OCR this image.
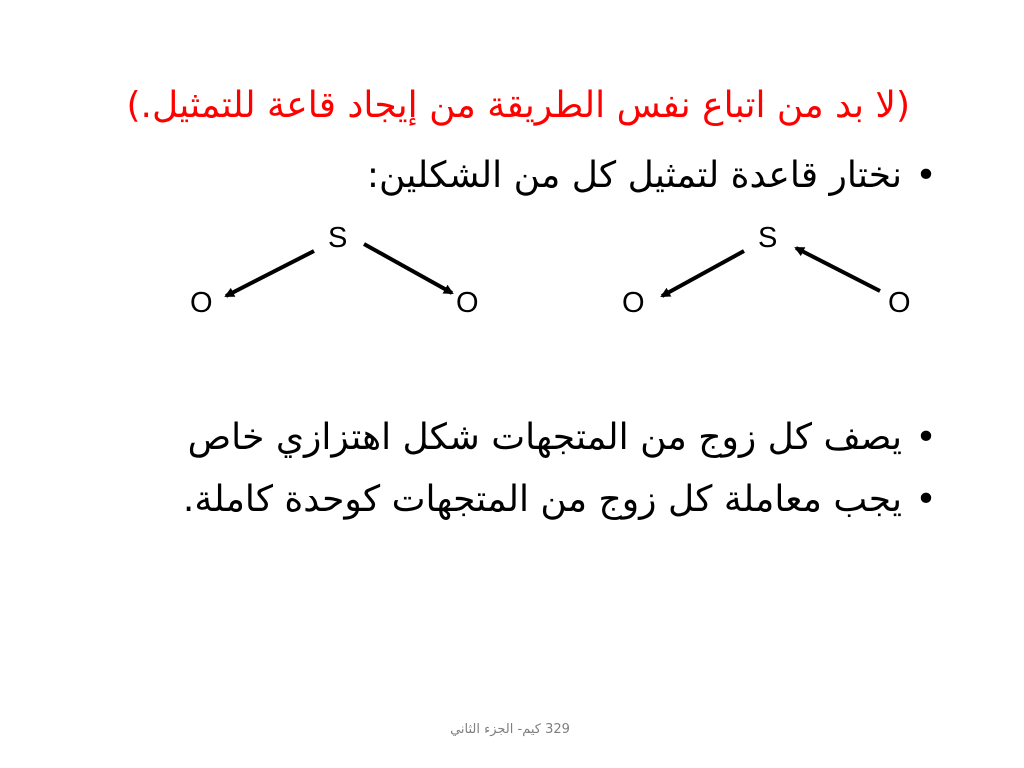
(لا بد من اتباع نفس الطريقة من إيجاد قاعة للتمثيل.)
•نختار قاعدة لتمثيل كل من الشكلين:
S
O	O
S
O	O
•يصف كل زوج من المتجهات شكل اهتزازي خاص
•يجب معاملة كل زوج من المتجهات كوحدة كاملة.
329 كيم- الجزء الثاني
